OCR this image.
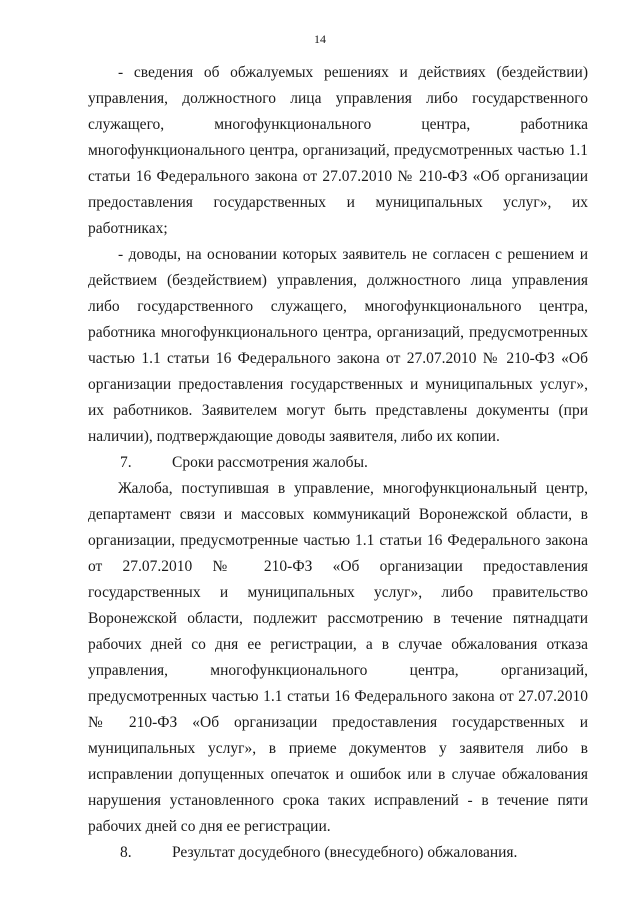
14

- сведения об обжалуемых решениях и действиях (бездействии) управления, должностного лица управления либо государственного служащего, многофункционального центра, работника многофункционального центра, организаций, предусмотренных частью 1.1 статьи 16 Федерального закона от 27.07.2010 № 210-ФЗ «Об организации предоставления государственных и муниципальных услуг», их работниках;

- доводы, на основании которых заявитель не согласен с решением и действием (бездействием) управления, должностного лица управления либо государственного служащего, многофункционального центра, работника многофункционального центра, организаций, предусмотренных частью 1.1 статьи 16 Федерального закона от 27.07.2010 № 210-ФЗ «Об организации предоставления государственных и муниципальных услуг», их работников. Заявителем могут быть представлены документы (при наличии), подтверждающие доводы заявителя, либо их копии.

7.	Сроки рассмотрения жалобы.

Жалоба, поступившая в управление, многофункциональный центр, департамент связи и массовых коммуникаций Воронежской области, в организации, предусмотренные частью 1.1 статьи 16 Федерального закона от 27.07.2010 № 210-ФЗ «Об организации предоставления государственных и муниципальных услуг», либо правительство Воронежской области, подлежит рассмотрению в течение пятнадцати рабочих дней со дня ее регистрации, а в случае обжалования отказа управления, многофункционального центра, организаций, предусмотренных частью 1.1 статьи 16 Федерального закона от 27.07.2010 № 210-ФЗ «Об организации предоставления государственных и муниципальных услуг», в приеме документов у заявителя либо в исправлении допущенных опечаток и ошибок или в случае обжалования нарушения установленного срока таких исправлений - в течение пяти рабочих дней со дня ее регистрации.

8.	Результат досудебного (внесудебного) обжалования.
